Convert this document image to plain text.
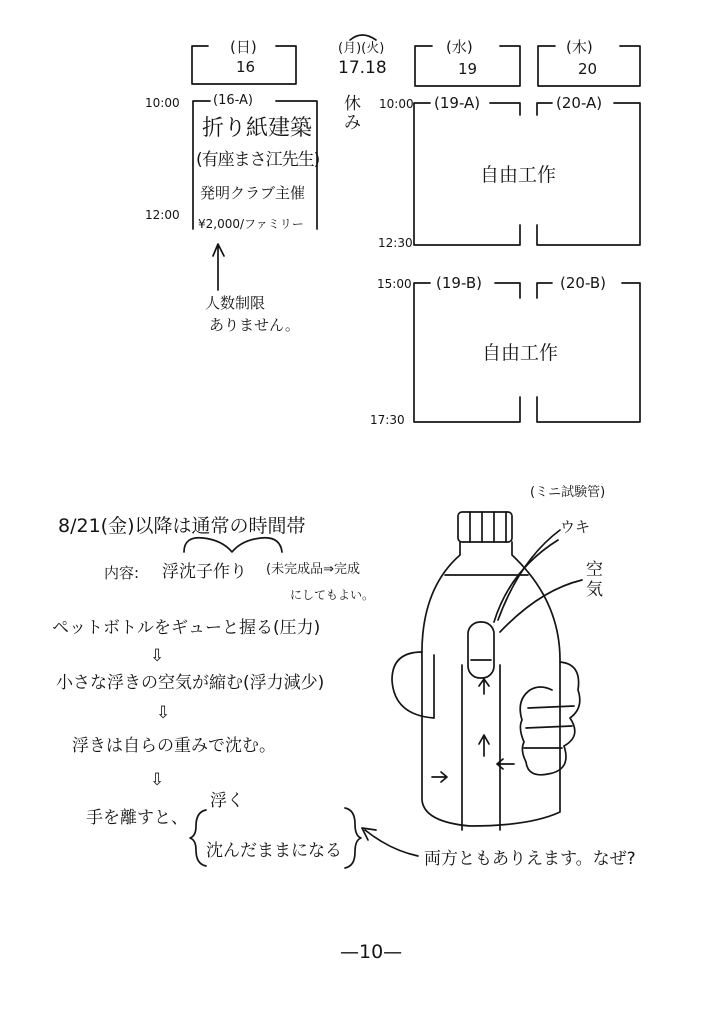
(日)
16
(月)(火)
17.18
休
み
(水)
19
(木)
20
10:00	(16-A)
折り紙建築
(有座まさ江先生)
発明クラブ主催
12:00
¥2,000/ファミリー
人数制限
ありません。
10:00 (19-A)	(20-A)
自由工作
12:30
15:00 (19-B)	(20-B)
自由工作
17:30
8/21(金)以降は通常の時間帯
内容: 浮沈子作り (未完成品⇒完成
にしてもよい。
ペットボトルをギューと握る(圧力)
⇩
小さな浮きの空気が縮む(浮力減少)
⇩
浮きは自らの重みで沈む。
⇩
手を離すと、
浮く
沈んだままになる	両方ともありえます。なぜ?
(ミニ試験管)
ウキ
空気
—10—
